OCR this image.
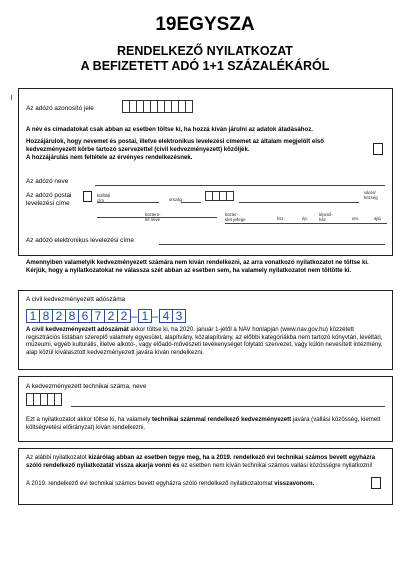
19EGYSZA
RENDELKEZŐ NYILATKOZAT
A BEFIZETETT ADÓ 1+1 SZÁZALÉKÁRÓL
Az adózó azonosító jele
A név és címadatokat csak abban az esetben töltse ki, ha hozzá kíván járulni az adatok átadásához.
Hozzájárulok, hogy nevemet és postai, illetve elektronikus levelezési címemet az általam megjelölt első kedvezményezett körbe tartozó szervezettel (civil kedvezményezett) közöljék.
A hozzájárulás nem feltétele az érvényes rendelkezésnek.
Az adózó neve
Az adózó postai
levelezési címe
külföldi
cím	ország
város/
község
közterü-
let neve
közter-
ület jellege	hsz.	ép.
lépcső-
ház	em.	ajtó
Az adózó elektronikus levelezési címe
Amennyiben valamelyik kedvezményezett számára nem kíván rendelkezni, az arra vonatkozó nyilatkozatot ne töltse ki. Kérjük, hogy a nyilatkozatokat ne válassza szét abban az esetben sem, ha valamely nyilatkozatot nem töltötte ki.
A civil kedvezményezett adószáma
1 8 2 8 6 7 2 2 – 1 – 4 3
A civil kedvezményezett adószámát akkor töltse ki, ha 2020. január 1-jétől a NAV honlapján (www.nav.gov.hu) közzétett regisztrációs listában szereplő valamely egyesület, alapítvány, közalapítvány, az előbbi kategóriákba nem tartozó könyvtári, levéltári, múzeumi, egyéb kulturális, illetve alkotó-, vagy előadó-művészeti tevékenységet folytató szervezet, vagy külön nevesített intézmény, alap közül kíválasztott kedvezményezett javára kíván rendelkezni.
A kedvezményezett technikai száma, neve
Ezt a nyilatkozatot akkor töltse ki, ha valamely technikai számmal rendelkező kedvezményezett javára (vallási közösség, kiemelt költségvetési előirányzat) kíván rendelkezni.
Az alábbi nyilatkozatot kizárólag abban az esetben tegye meg, ha a 2019. rendelkező évi technikai számos bevett egyházra szóló rendelkező nyilatkozatát vissza akarja vonni és ez esetben nem kíván technikai számos vallási közösségre nyilatkozni!
A 2019. rendelkező évi technikai számos bevett egyházra szóló rendelkező nyilatkozatomat visszavonom.
